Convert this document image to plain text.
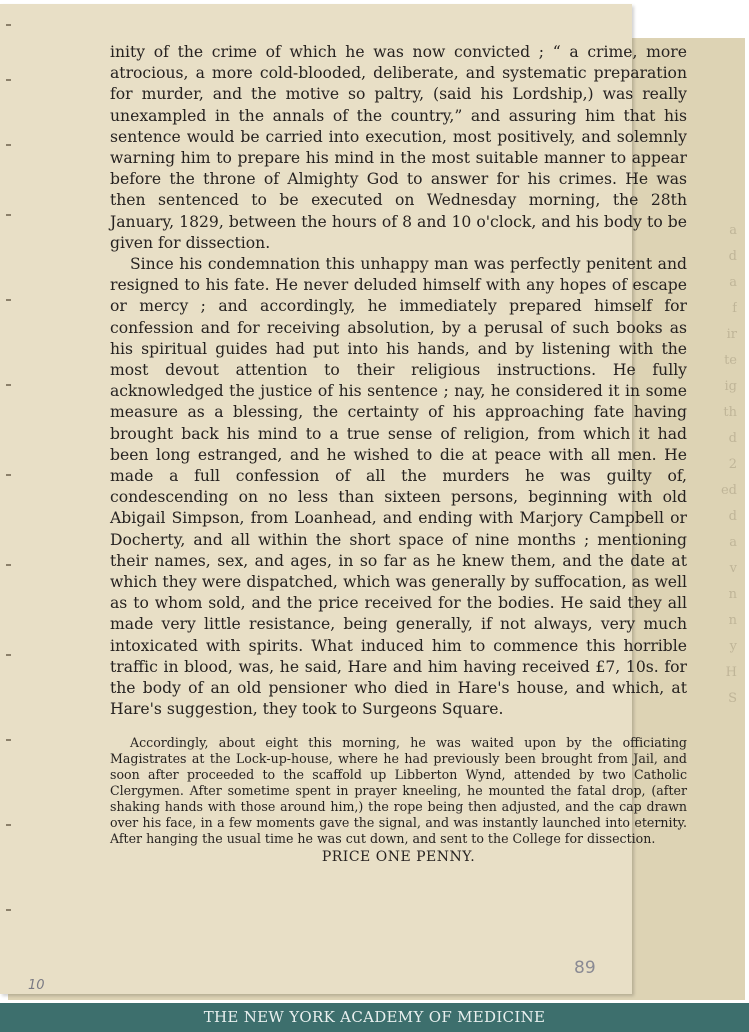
a
d
a
f
ir
te
ig
th
d
2
ed
d
a
v
n
n
y
H
S

inity of the crime of which he was now convicted ; “ a crime, more atrocious, a more cold-blooded, deliberate, and systematic preparation for murder, and the motive so paltry, (said his Lordship,) was really unexampled in the annals of the country,” and assuring him that his sentence would be carried into execution, most positively, and solemnly warning him to prepare his mind in the most suitable manner to appear before the throne of Almighty God to answer for his crimes. He was then sentenced to be executed on Wednesday morning, the 28th January, 1829, between the hours of 8 and 10 o'clock, and his body to be given for dissection.

Since his condemnation this unhappy man was perfectly penitent and resigned to his fate. He never deluded himself with any hopes of escape or mercy ; and accordingly, he immediately prepared himself for confession and for receiving absolution, by a perusal of such books as his spiritual guides had put into his hands, and by listening with the most devout attention to their religious instructions. He fully acknowledged the justice of his sentence ; nay, he considered it in some measure as a blessing, the certainty of his approaching fate having brought back his mind to a true sense of religion, from which it had been long estranged, and he wished to die at peace with all men. He made a full confession of all the murders he was guilty of, condescending on no less than sixteen persons, beginning with old Abigail Simpson, from Loanhead, and ending with Marjory Campbell or Docherty, and all within the short space of nine months ; mentioning their names, sex, and ages, in so far as he knew them, and the date at which they were dispatched, which was generally by suffocation, as well as to whom sold, and the price received for the bodies. He said they all made very little resistance, being generally, if not always, very much intoxicated with spirits. What induced him to commence this horrible traffic in blood, was, he said, Hare and him having received £7, 10s. for the body of an old pensioner who died in Hare's house, and which, at Hare's suggestion, they took to Surgeons Square.

Accordingly, about eight this morning, he was waited upon by the officiating Magistrates at the Lock-up-house, where he had previously been brought from Jail, and soon after proceeded to the scaffold up Libberton Wynd, attended by two Catholic Clergymen. After sometime spent in prayer kneeling, he mounted the fatal drop, (after shaking hands with those around him,) the rope being then adjusted, and the cap drawn over his face, in a few moments gave the signal, and was instantly launched into eternity. After hanging the usual time he was cut down, and sent to the College for dissection.

PRICE ONE PENNY.
89
10
THE NEW YORK ACADEMY OF MEDICINE
